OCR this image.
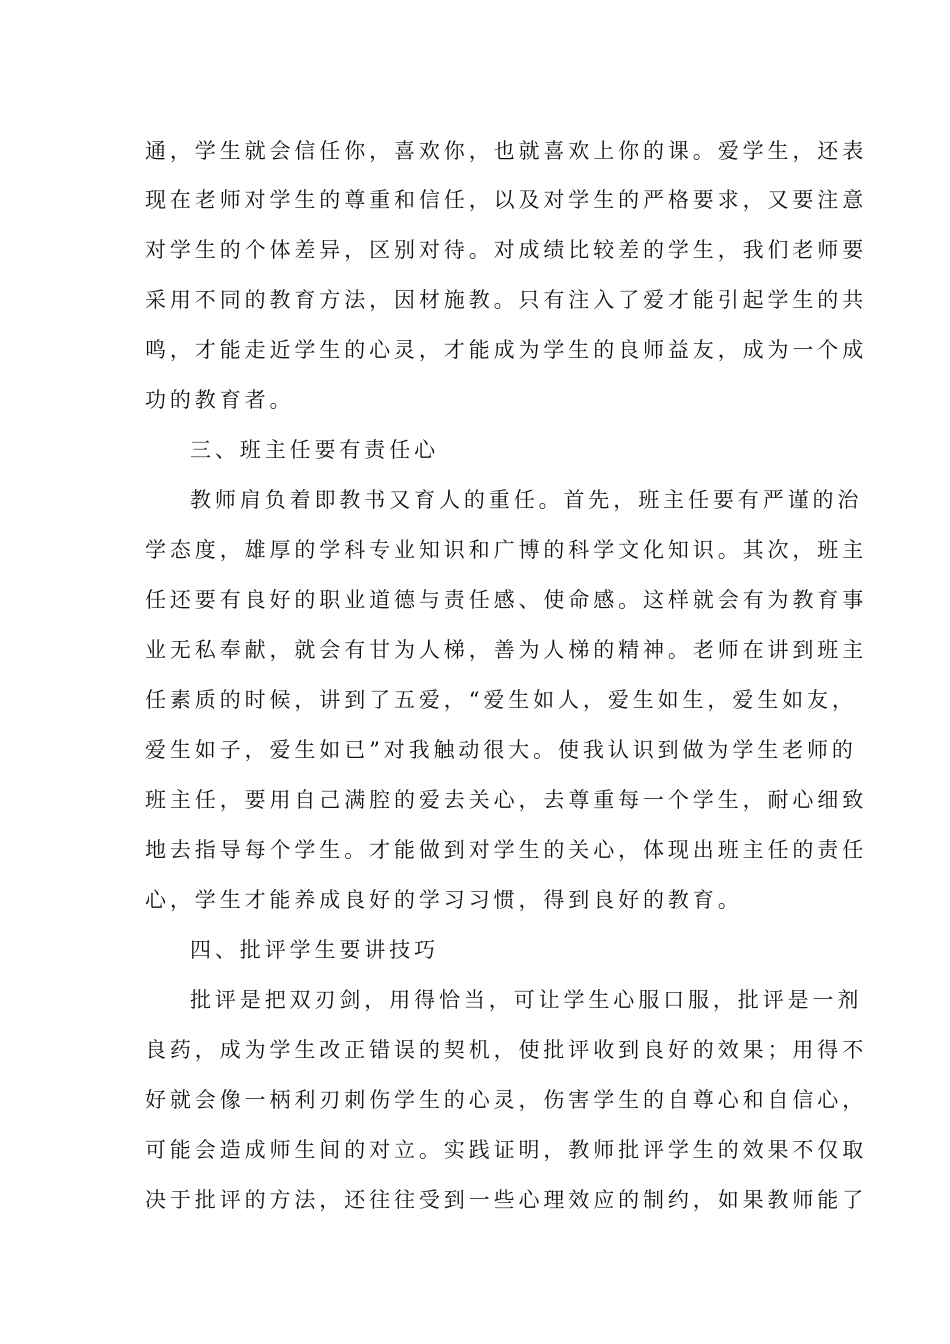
通，学生就会信任你，喜欢你，也就喜欢上你的课。爱学生，还表
现在老师对学生的尊重和信任，以及对学生的严格要求，又要注意
对学生的个体差异，区别对待。对成绩比较差的学生，我们老师要
采用不同的教育方法，因材施教。只有注入了爱才能引起学生的共
鸣，才能走近学生的心灵，才能成为学生的良师益友，成为一个成
功的教育者。
三、班主任要有责任心
教师肩负着即教书又育人的重任。首先，班主任要有严谨的治
学态度，雄厚的学科专业知识和广博的科学文化知识。其次，班主
任还要有良好的职业道德与责任感、使命感。这样就会有为教育事
业无私奉献，就会有甘为人梯，善为人梯的精神。老师在讲到班主
任素质的时候，讲到了五爱，“爱生如人，爱生如生，爱生如友，
爱生如子，爱生如已”对我触动很大。使我认识到做为学生老师的
班主任，要用自己满腔的爱去关心，去尊重每一个学生，耐心细致
地去指导每个学生。才能做到对学生的关心，体现出班主任的责任
心，学生才能养成良好的学习习惯，得到良好的教育。
四、批评学生要讲技巧
批评是把双刃剑，用得恰当，可让学生心服口服，批评是一剂
良药，成为学生改正错误的契机，使批评收到良好的效果；用得不
好就会像一柄利刃刺伤学生的心灵，伤害学生的自尊心和自信心，
可能会造成师生间的对立。实践证明，教师批评学生的效果不仅取
决于批评的方法，还往往受到一些心理效应的制约，如果教师能了
